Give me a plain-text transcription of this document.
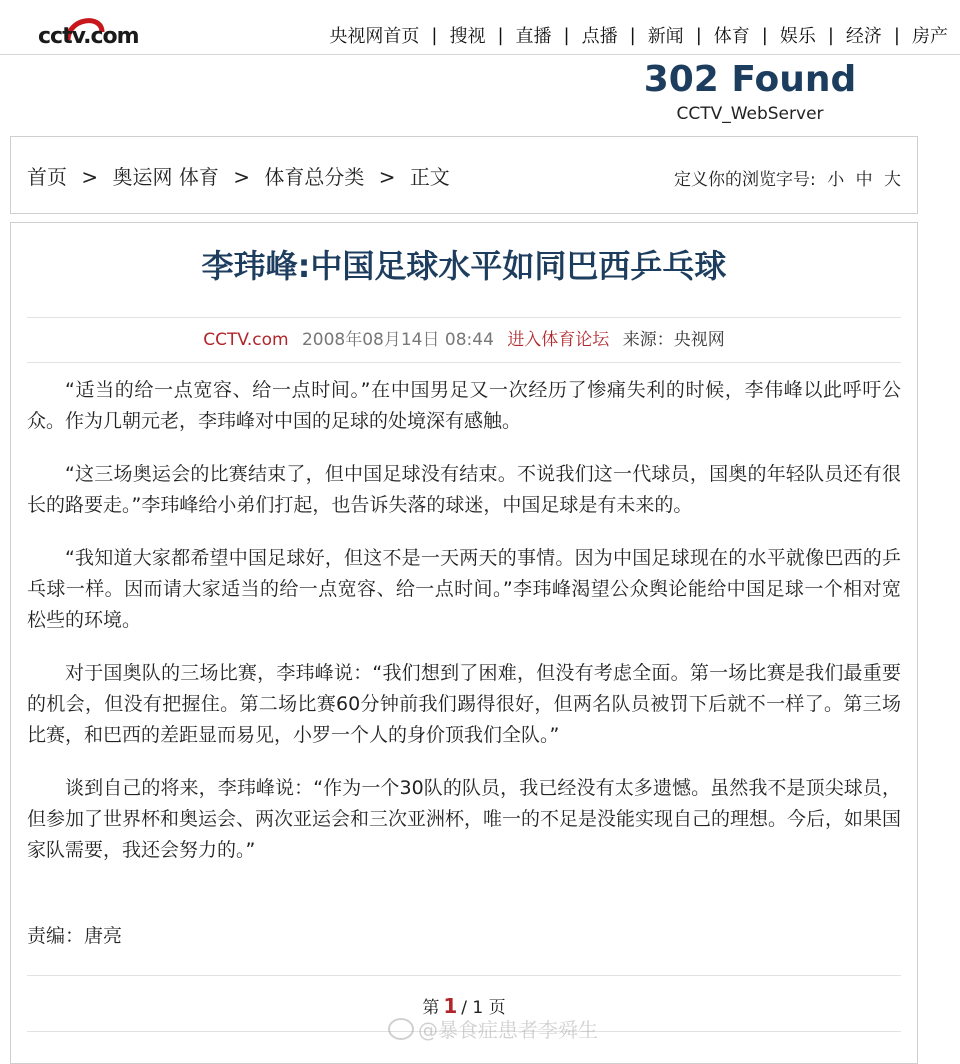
cctv.com	央视网首页 | 搜视 | 直播 | 点播 | 新闻 | 体育 | 娱乐 | 经济 | 房产
302 Found
CCTV_WebServer
首页 > 奥运网 体育 > 体育总分类 > 正文	定义你的浏览字号: 小 中 大
李玮峰:中国足球水平如同巴西乒乓球
CCTV.com 2008年08月14日 08:44 进入体育论坛 来源：央视网

“适当的给一点宽容、给一点时间。”在中国男足又一次经历了惨痛失利的时候，李伟峰以此呼吁公众。作为几朝元老，李玮峰对中国的足球的处境深有感触。

“这三场奥运会的比赛结束了，但中国足球没有结束。不说我们这一代球员，国奥的年轻队员还有很长的路要走。”李玮峰给小弟们打起，也告诉失落的球迷，中国足球是有未来的。

“我知道大家都希望中国足球好，但这不是一天两天的事情。因为中国足球现在的水平就像巴西的乒乓球一样。因而请大家适当的给一点宽容、给一点时间。”李玮峰渴望公众舆论能给中国足球一个相对宽松些的环境。

对于国奥队的三场比赛，李玮峰说：“我们想到了困难，但没有考虑全面。第一场比赛是我们最重要的机会，但没有把握住。第二场比赛60分钟前我们踢得很好，但两名队员被罚下后就不一样了。第三场比赛，和巴西的差距显而易见，小罗一个人的身价顶我们全队。”

谈到自己的将来，李玮峰说：“作为一个30队的队员，我已经没有太多遗憾。虽然我不是顶尖球员，但参加了世界杯和奥运会、两次亚运会和三次亚洲杯，唯一的不足是没能实现自己的理想。今后，如果国家队需要，我还会努力的。”

责编：唐亮
第 1 / 1 页
@暴食症患者李舜生
